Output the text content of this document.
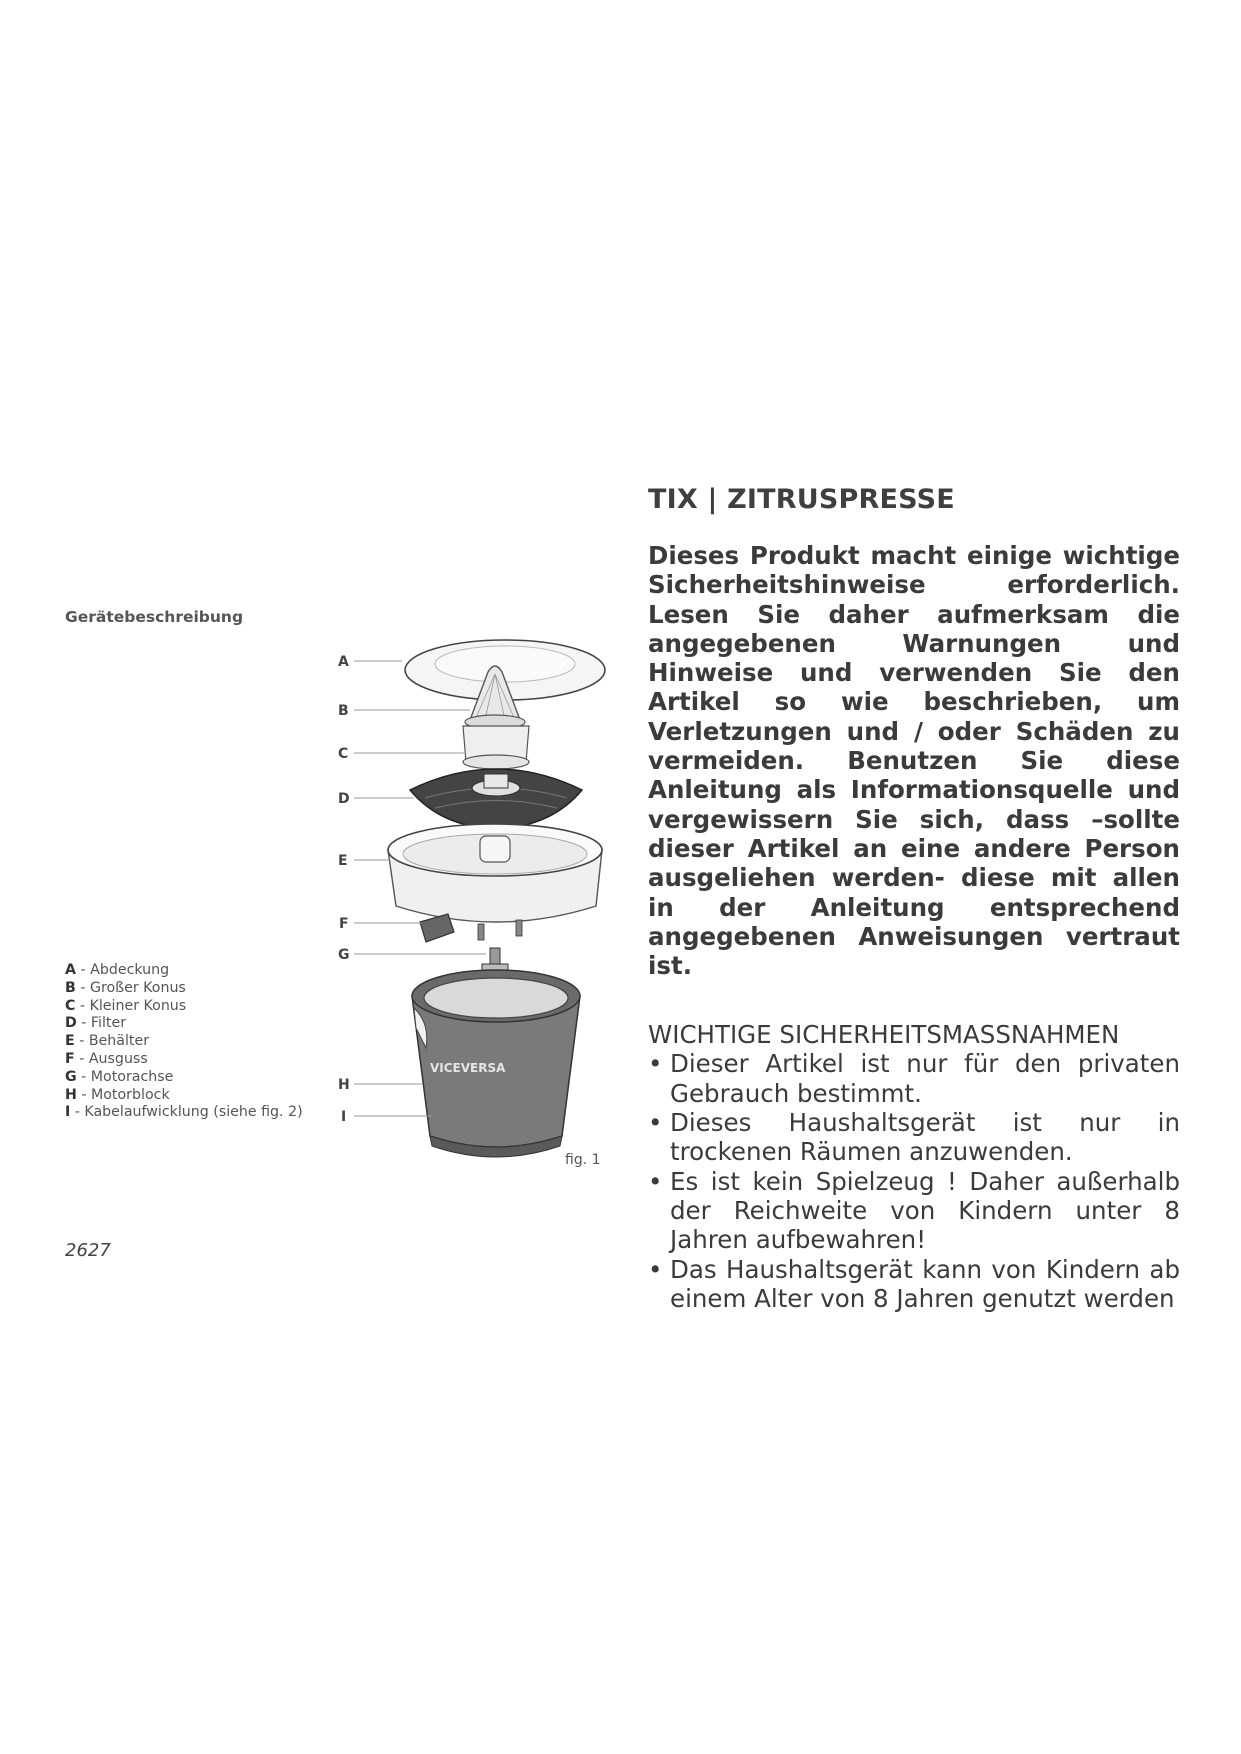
Gerätebeschreibung
A - Abdeckung
B - Großer Konus
C - Kleiner Konus
D - Filter
E - Behälter
F - Ausguss
G - Motorachse
H - Motorblock
I - Kabelaufwicklung (siehe fig. 2)
VICEVERSA
A
B
C
D
E
F
G
H
I
fig. 1
2627
TIX | ZITRUSPRESSE

Dieses Produkt macht einige wichtige Sicherheitshinweise erforderlich. Lesen Sie daher aufmerksam die angegebenen Warnungen und Hinweise und verwenden Sie den Artikel so wie beschrieben, um Verletzungen und / oder Schäden zu vermeiden. Benutzen Sie diese Anleitung als Informationsquelle und vergewissern Sie sich, dass –sollte dieser Artikel an eine andere Person ausgeliehen werden- diese mit allen in der Anleitung entsprechend angegebenen Anweisungen vertraut ist.

WICHTIGE SICHERHEITSMASSNAHMEN
• Dieser Artikel ist nur für den privaten Gebrauch bestimmt.
• Dieses Haushaltsgerät ist nur in trockenen Räumen anzuwenden.
• Es ist kein Spielzeug ! Daher außerhalb der Reichweite von Kindern unter 8 Jahren aufbewahren!
• Das Haushaltsgerät kann von Kindern ab einem Alter von 8 Jahren genutzt werden
